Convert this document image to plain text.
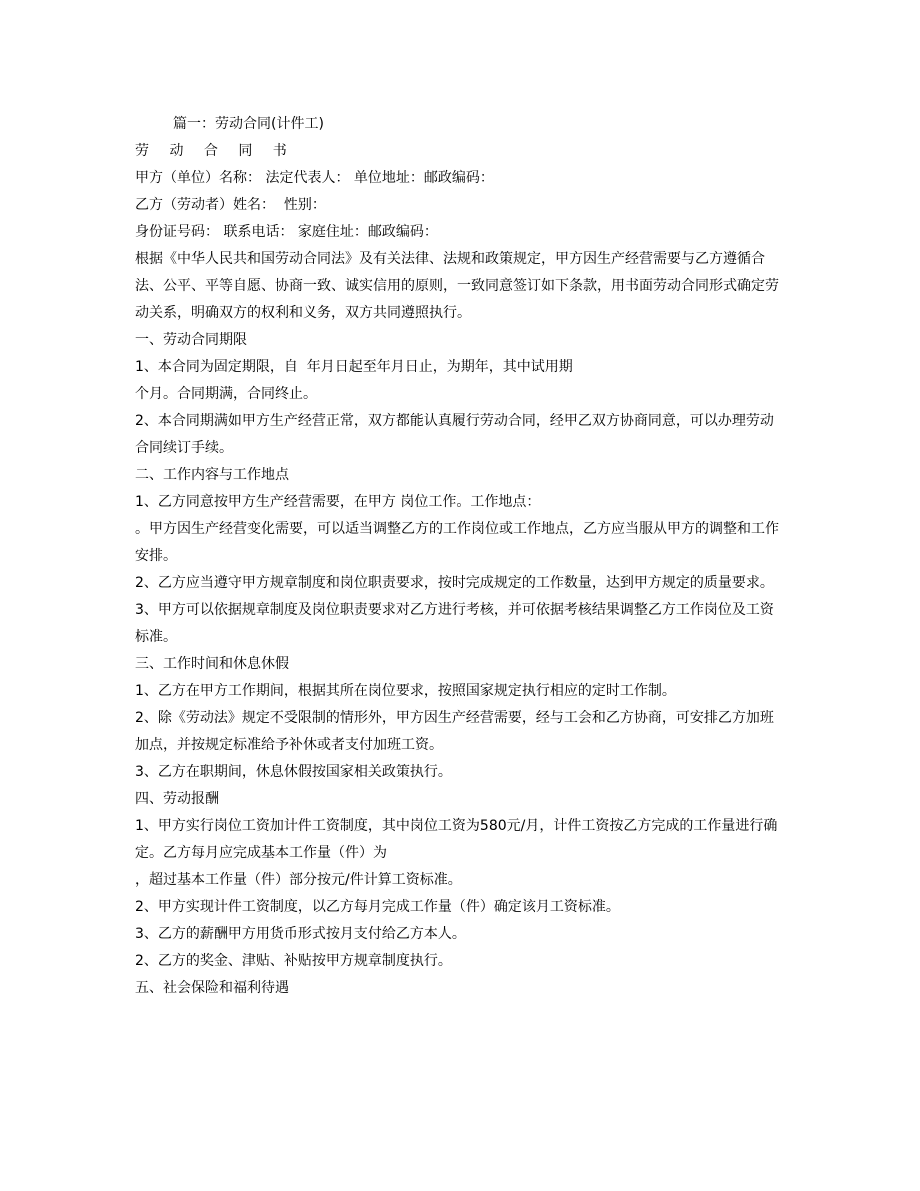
篇一：劳动合同(计件工)

劳 动 合 同 书

甲方（单位）名称： 法定代表人： 单位地址：邮政编码：

乙方（劳动者）姓名：  性别：

身份证号码： 联系电话： 家庭住址：邮政编码：

根据《中华人民共和国劳动合同法》及有关法律、法规和政策规定，甲方因生产经营需要与乙方遵循合法、公平、平等自愿、协商一致、诚实信用的原则，一致同意签订如下条款，用书面劳动合同形式确定劳动关系，明确双方的权利和义务，双方共同遵照执行。

一、劳动合同期限

1、本合同为固定期限，自  年月日起至年月日止，为期年，其中试用期

个月。合同期满，合同终止。

2、本合同期满如甲方生产经营正常，双方都能认真履行劳动合同，经甲乙双方协商同意，可以办理劳动合同续订手续。

二、工作内容与工作地点

1、乙方同意按甲方生产经营需要，在甲方 岗位工作。工作地点：

。甲方因生产经营变化需要，可以适当调整乙方的工作岗位或工作地点，乙方应当服从甲方的调整和工作安排。

2、乙方应当遵守甲方规章制度和岗位职责要求，按时完成规定的工作数量，达到甲方规定的质量要求。

3、甲方可以依据规章制度及岗位职责要求对乙方进行考核，并可依据考核结果调整乙方工作岗位及工资标准。

三、工作时间和休息休假

1、乙方在甲方工作期间，根据其所在岗位要求，按照国家规定执行相应的定时工作制。

2、除《劳动法》规定不受限制的情形外，甲方因生产经营需要，经与工会和乙方协商，可安排乙方加班加点，并按规定标准给予补休或者支付加班工资。

3、乙方在职期间，休息休假按国家相关政策执行。

四、劳动报酬

1、甲方实行岗位工资加计件工资制度，其中岗位工资为580元/月，计件工资按乙方完成的工作量进行确定。乙方每月应完成基本工作量（件）为

，超过基本工作量（件）部分按元/件计算工资标准。

2、甲方实现计件工资制度，以乙方每月完成工作量（件）确定该月工资标准。

3、乙方的薪酬甲方用货币形式按月支付给乙方本人。

2、乙方的奖金、津贴、补贴按甲方规章制度执行。

五、社会保险和福利待遇
